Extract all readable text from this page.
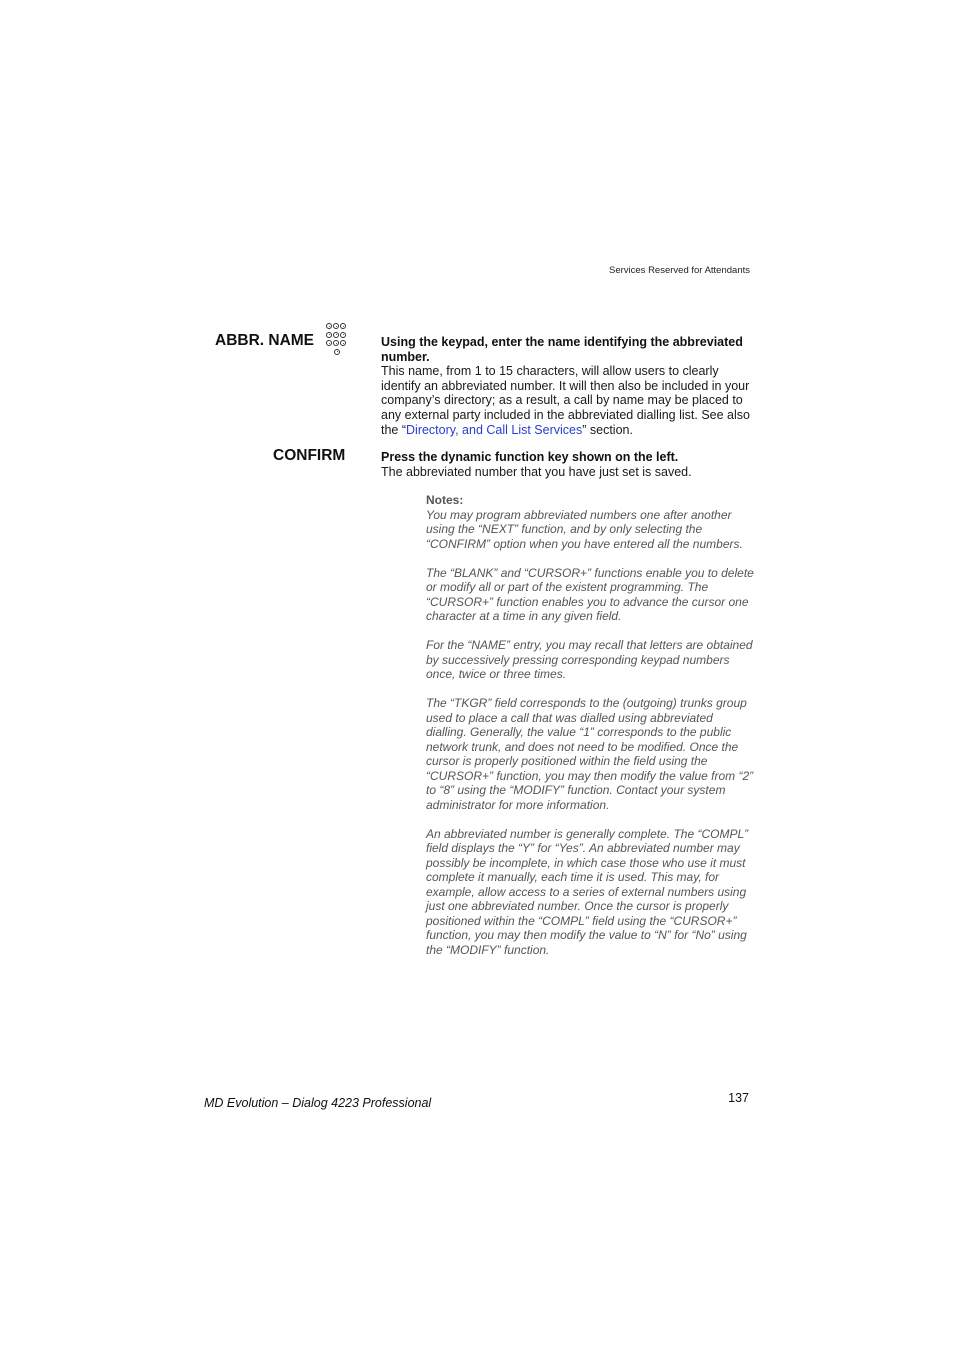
Services Reserved for Attendants
ABBR. NAME	Using the keypad, enter the name identifying the abbreviated number.

This name, from 1 to 15 characters, will allow users to clearly identify an abbreviated number. It will then also be included in your company’s directory; as a result, a call by name may be placed to any external party included in the abbreviated dialling list. See also the “Directory, and Call List Services” section.

CONFIRM	Press the dynamic function key shown on the left.

The abbreviated number that you have just set is saved.

Notes:

You may program abbreviated numbers one after another using the “NEXT” function, and by only selecting the “CONFIRM” option when you have entered all the numbers.

The “BLANK” and “CURSOR+” functions enable you to delete or modify all or part of the existent programming. The “CURSOR+” function enables you to advance the cursor one character at a time in any given field.

For the “NAME” entry, you may recall that letters are obtained by successively pressing corresponding keypad numbers once, twice or three times.

The “TKGR” field corresponds to the (outgoing) trunks group used to place a call that was dialled using abbreviated dialling. Generally, the value “1” corresponds to the public network trunk, and does not need to be modified. Once the cursor is properly positioned within the field using the “CURSOR+” function, you may then modify the value from “2” to “8” using the “MODIFY” function. Contact your system administrator for more information.

An abbreviated number is generally complete. The “COMPL” field displays the “Y” for “Yes”. An abbreviated number may possibly be incomplete, in which case those who use it must complete it manually, each time it is used. This may, for example, allow access to a series of external numbers using just one abbreviated number. Once the cursor is properly positioned within the “COMPL” field using the “CURSOR+” function, you may then modify the value to “N” for “No” using the “MODIFY” function.

MD Evolution – Dialog 4223 Professional	137
